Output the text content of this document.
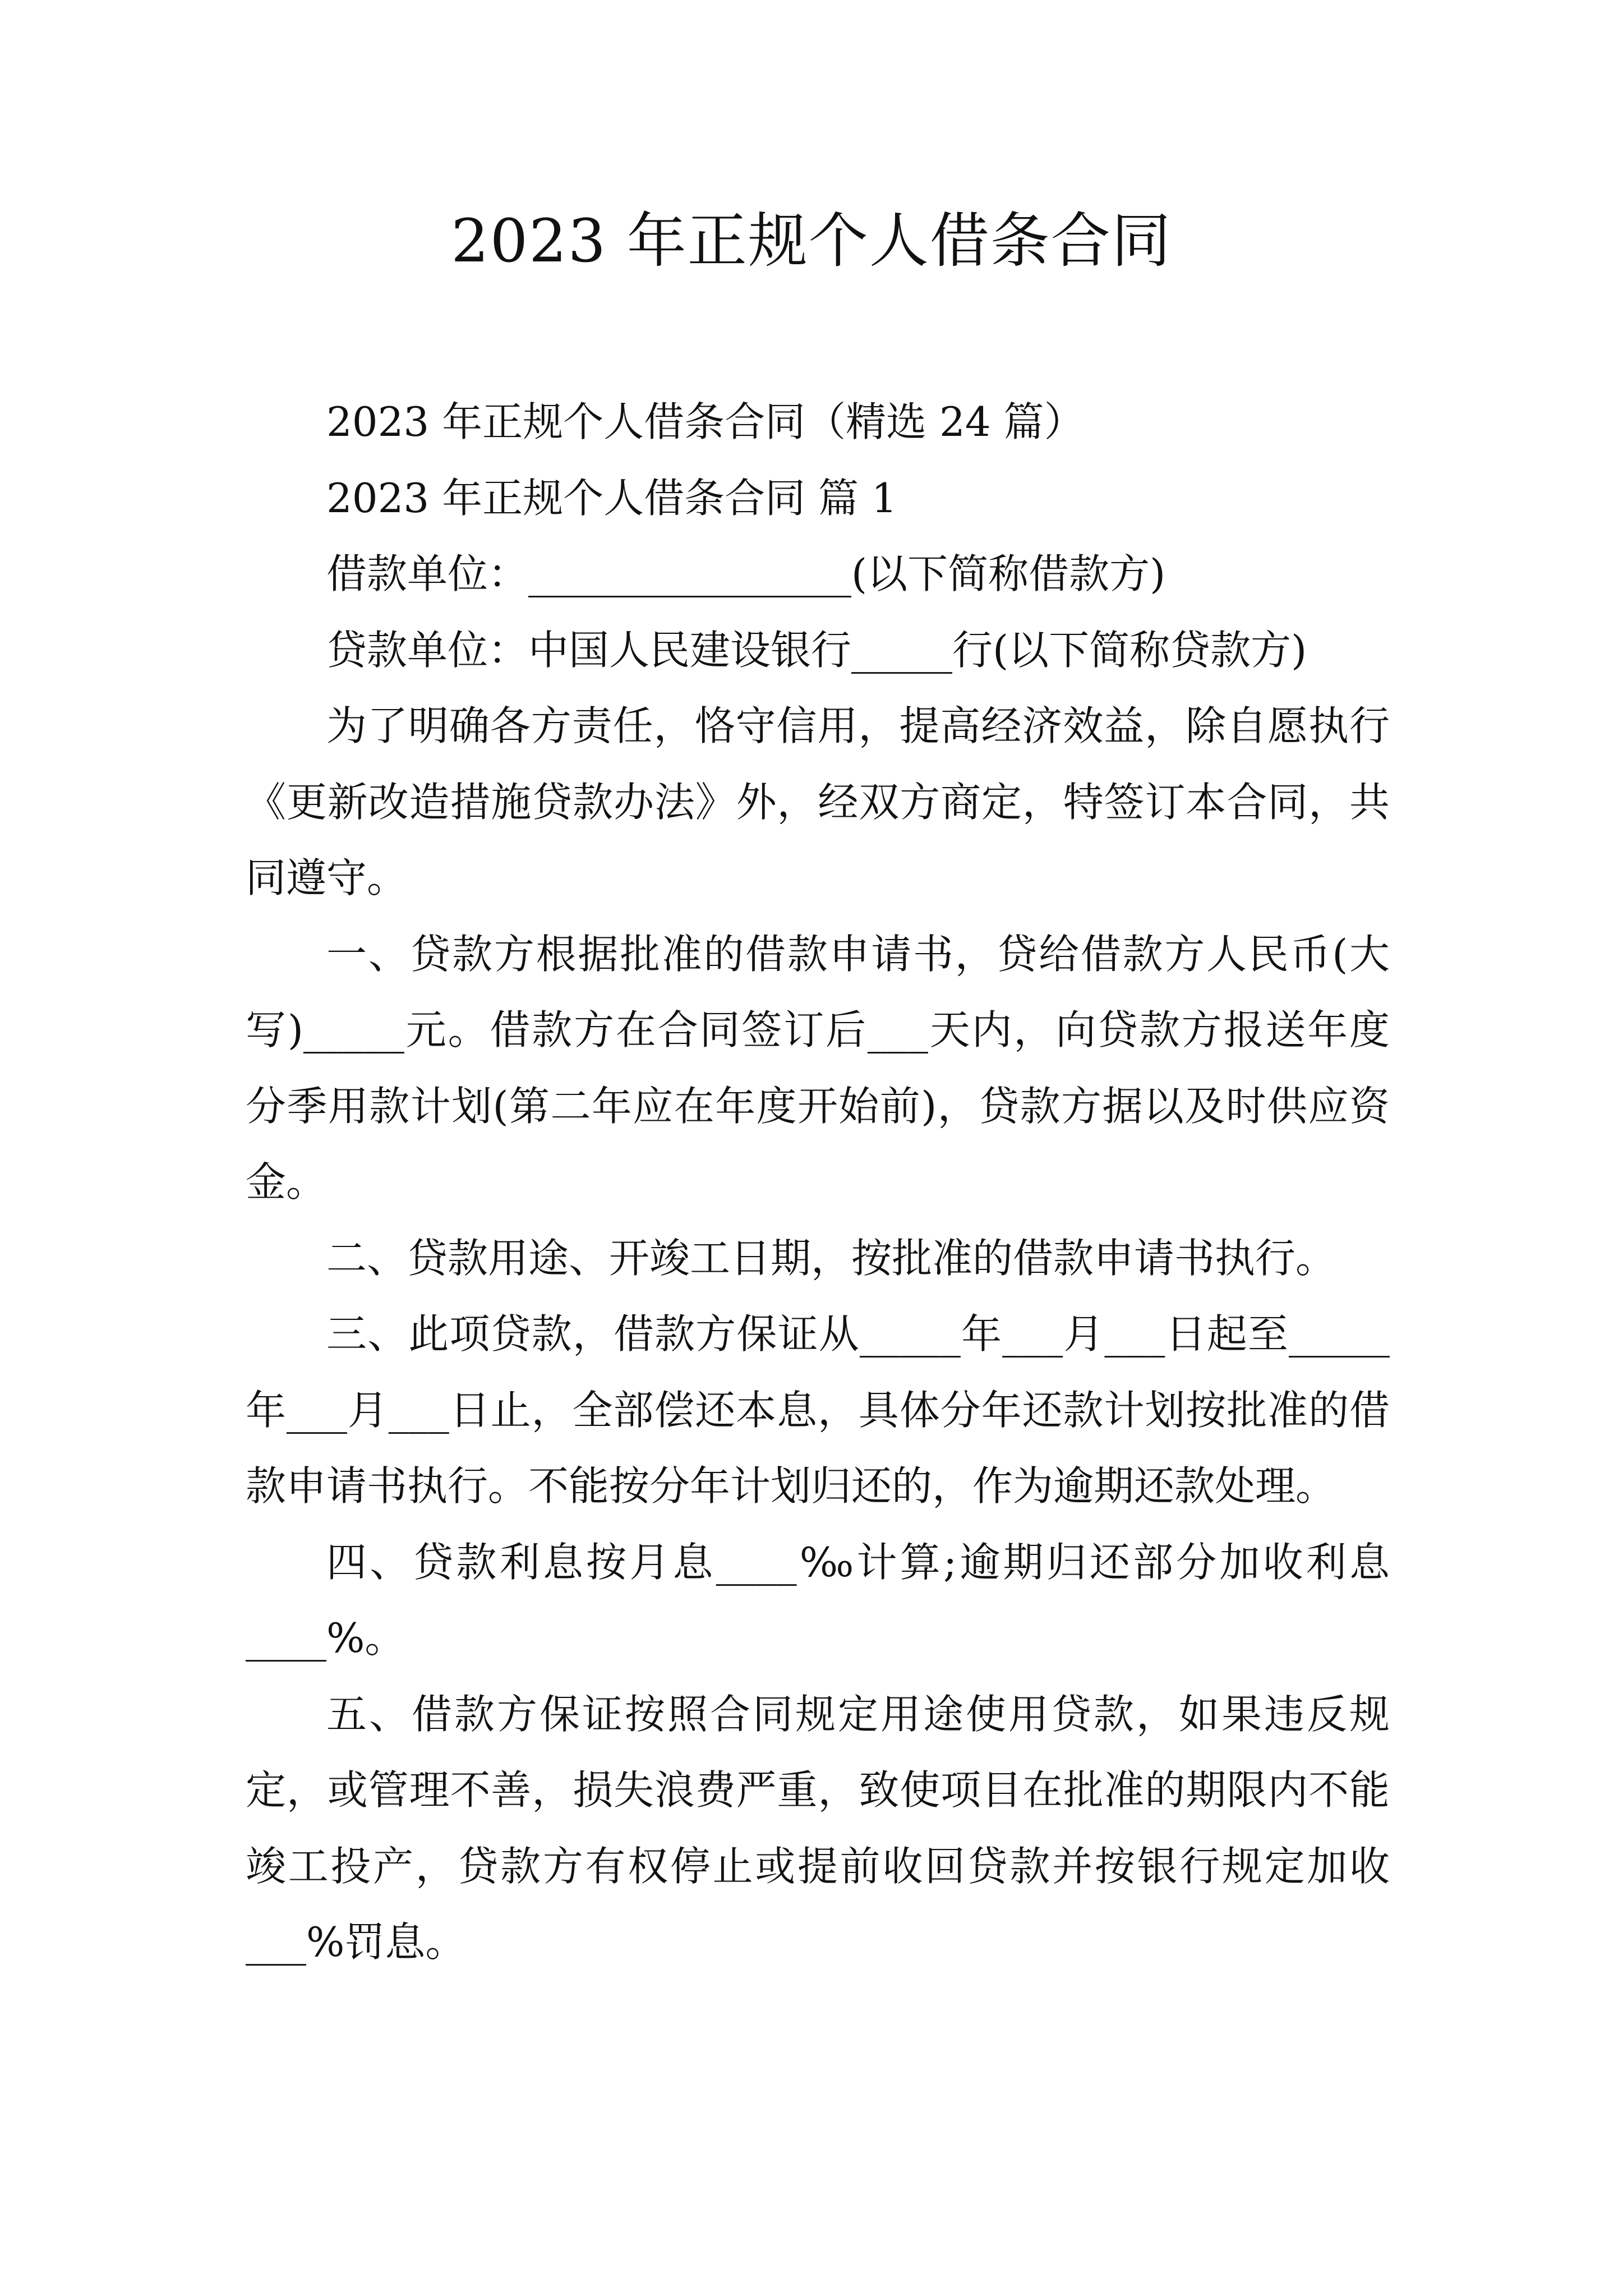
2023 年正规个人借条合同

2023 年正规个人借条合同（精选 24 篇）

2023 年正规个人借条合同 篇 1

借款单位：________________(以下简称借款方)

贷款单位：中国人民建设银行_____行(以下简称贷款方)

为了明确各方责任，恪守信用，提高经济效益，除自愿执行《更新改造措施贷款办法》外，经双方商定，特签订本合同，共同遵守。

一、贷款方根据批准的借款申请书，贷给借款方人民币(大写)_____元。借款方在合同签订后___天内，向贷款方报送年度分季用款计划(第二年应在年度开始前)，贷款方据以及时供应资金。

二、贷款用途、开竣工日期，按批准的借款申请书执行。

三、此项贷款，借款方保证从_____年___月___日起至_____年___月___日止，全部偿还本息，具体分年还款计划按批准的借款申请书执行。不能按分年计划归还的，作为逾期还款处理。

四、贷款利息按月息____‰计算;逾期归还部分加收利息____%。

五、借款方保证按照合同规定用途使用贷款，如果违反规定，或管理不善，损失浪费严重，致使项目在批准的期限内不能竣工投产，贷款方有权停止或提前收回贷款并按银行规定加收___%罚息。
